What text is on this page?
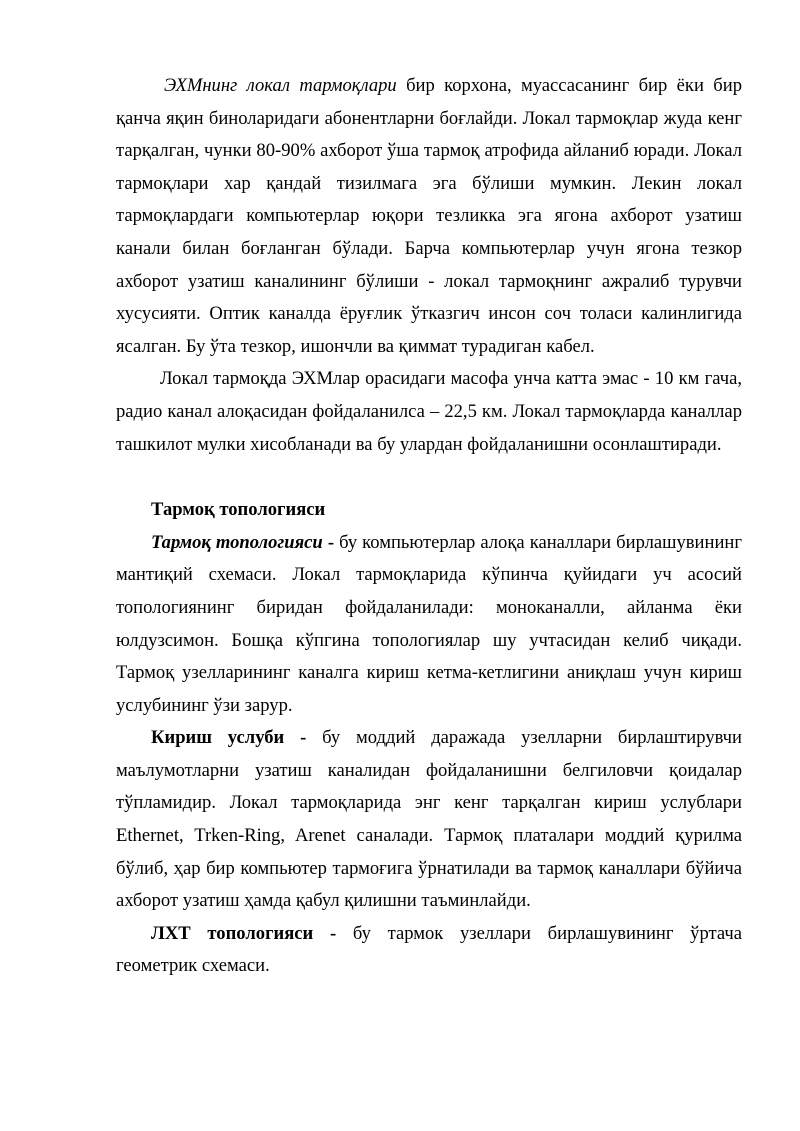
ЭХМнинг локал тармоқлари бир корхона, муассасанинг бир ёки бир қанча яқин биноларидаги абонентларни боғлайди. Локал тармоқлар жуда кенг тарқалган, чунки 80-90% ахборот ўша тармоқ атрофида айланиб юради. Локал тармоқлари хар қандай тизилмага эга бўлиши мумкин. Лекин локал тармоқлардаги компьютерлар юқори тезликка эга ягона ахборот узатиш канали билан боғланган бўлади. Барча компьютерлар учун ягона тезкор ахборот узатиш каналининг бўлиши - локал тармоқнинг ажралиб турувчи хусусияти. Оптик каналда ёруғлик ўтказгич инсон соч толаси калинлигида ясалган. Бу ўта тезкор, ишончли ва қиммат турадиган кабел.

Локал тармоқда ЭХМлар орасидаги масофа унча катта эмас - 10 км гача, радио канал алоқасидан фойдаланилса – 22,5 км. Локал тармоқларда каналлар ташкилот мулки хисобланади ва бу улардан фойдаланишни осонлаштиради.

Тармоқ топологияси

Тармоқ топологияси - бу компьютерлар алоқа каналлари бирлашувининг мантиқий схемаси. Локал тармоқларида кўпинча қуйидаги уч асосий топологиянинг биридан фойдаланилади: моноканалли, айланма ёки юлдузсимон. Бошқа кўпгина топологиялар шу учтасидан келиб чиқади. Тармоқ узелларининг каналга кириш кетма-кетлигини аниқлаш учун кириш услубининг ўзи зарур.

Кириш услуби - бу моддий даражада узелларни бирлаштирувчи маълумотларни узатиш каналидан фойдаланишни белгиловчи қоидалар тўпламидир. Локал тармоқларида энг кенг тарқалган кириш услублари Ethernet, Trken-Ring, Arenet саналади. Тармоқ платалари моддий қурилма бўлиб, ҳар бир компьютер тармоғига ўрнатилади ва тармоқ каналлари бўйича ахборот узатиш ҳамда қабул қилишни таъминлайди.

ЛХТ топологияси - бу тармок узеллари бирлашувининг ўртача геометрик схемаси.
